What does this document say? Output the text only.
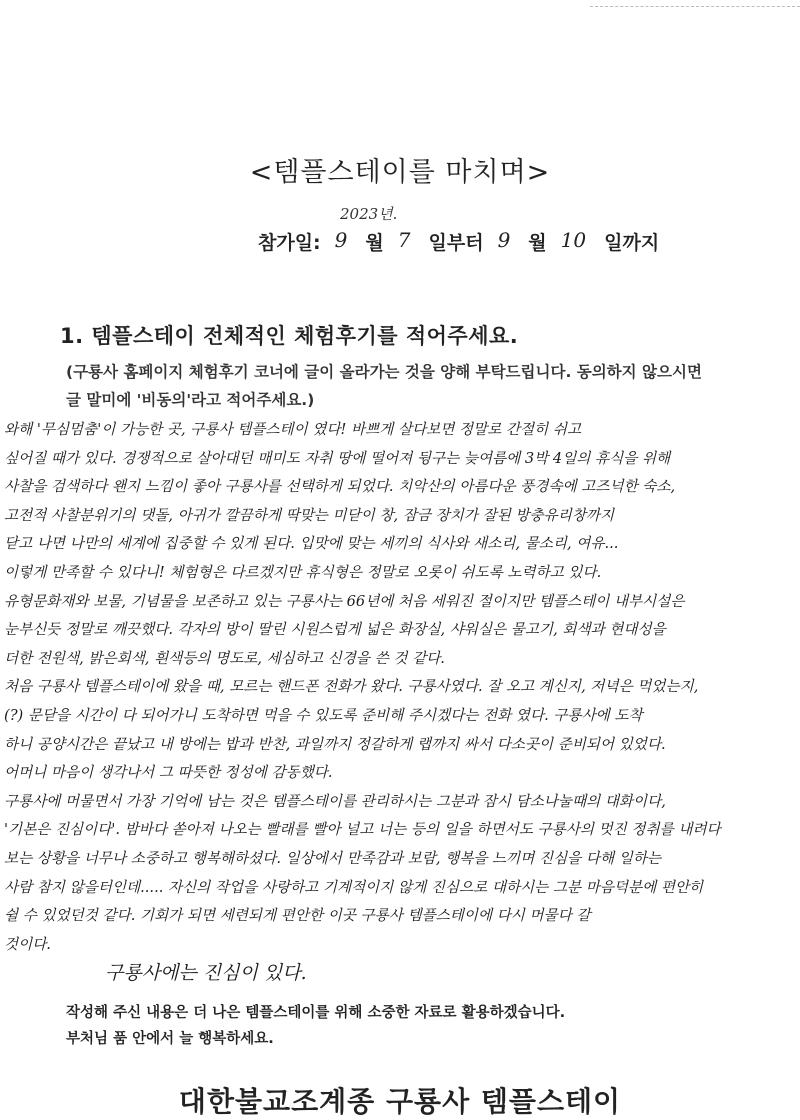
<템플스테이를 마치며>
2023년.
참가일: 9 월 7 일부터 9 월 10 일까지
1. 템플스테이 전체적인 체험후기를 적어주세요.
(구룡사 홈페이지 체험후기 코너에 글이 올라가는 것을 양해 부탁드립니다. 동의하지 않으시면 글 말미에 '비동의'라고 적어주세요.)
와해 '무심멈춤'이 가능한 곳, 구룡사 템플스테이 였다! 바쁘게 살다보면 정말로 간절히 쉬고
싶어질 때가 있다. 경쟁적으로 살아대던 매미도 자취 땅에 떨어져 뒹구는 늦여름에 3박 4일의 휴식을 위해
사찰을 검색하다 왠지 느낌이 좋아 구룡사를 선택하게 되었다. 치악산의 아름다운 풍경속에 고즈넉한 숙소,
고전적 사찰분위기의 댓돌, 아귀가 깔끔하게 딱맞는 미닫이 창, 잠금 장치가 잘된 방충유리창까지
닫고 나면 나만의 세계에 집중할 수 있게 된다. 입맛에 맞는 세끼의 식사와 새소리, 물소리, 여유...
이렇게 만족할 수 있다니! 체험형은 다르겠지만 휴식형은 정말로 오롯이 쉬도록 노력하고 있다.
유형문화재와 보물, 기념물을 보존하고 있는 구룡사는 66년에 처음 세워진 절이지만 템플스테이 내부시설은
눈부신듯 정말로 깨끗했다. 각자의 방이 딸린 시원스럽게 넓은 화장실, 샤워실은 물고기, 회색과 현대성을
더한 전원색, 밝은회색, 흰색등의 명도로, 세심하고 신경을 쓴 것 같다.
처음 구룡사 템플스테이에 왔을 때, 모르는 핸드폰 전화가 왔다. 구룡사였다. 잘 오고 계신지, 저녁은 먹었는지,
(?) 문닫을 시간이 다 되어가니 도착하면 먹을 수 있도록 준비해 주시겠다는 전화 였다. 구룡사에 도착
하니 공양시간은 끝났고 내 방에는 밥과 반찬, 과일까지 정갈하게 랩까지 싸서 다소곳이 준비되어 있었다.
어머니 마음이 생각나서 그 따뜻한 정성에 감동했다.
구룡사에 머물면서 가장 기억에 남는 것은 템플스테이를 관리하시는 그분과 잠시 담소나눌때의 대화이다,
'기본은 진심이다'. 밤바다 쏟아져 나오는 빨래를 빨아 널고 너는 등의 일을 하면서도 구룡사의 멋진 정취를 내려다
보는 상황을 너무나 소중하고 행복해하셨다. 일상에서 만족감과 보람, 행복을 느끼며 진심을 다해 일하는
사람 참지 않을터인데..... 자신의 작업을 사랑하고 기계적이지 않게 진심으로 대하시는 그분 마음덕분에 편안히
쉴 수 있었던것 같다. 기회가 되면 세련되게 편안한 이곳 구룡사 템플스테이에 다시 머물다 갈
것이다.
구룡사에는 진심이 있다.
작성해 주신 내용은 더 나은 템플스테이를 위해 소중한 자료로 활용하겠습니다.
부처님 품 안에서 늘 행복하세요.
대한불교조계종 구룡사 템플스테이
